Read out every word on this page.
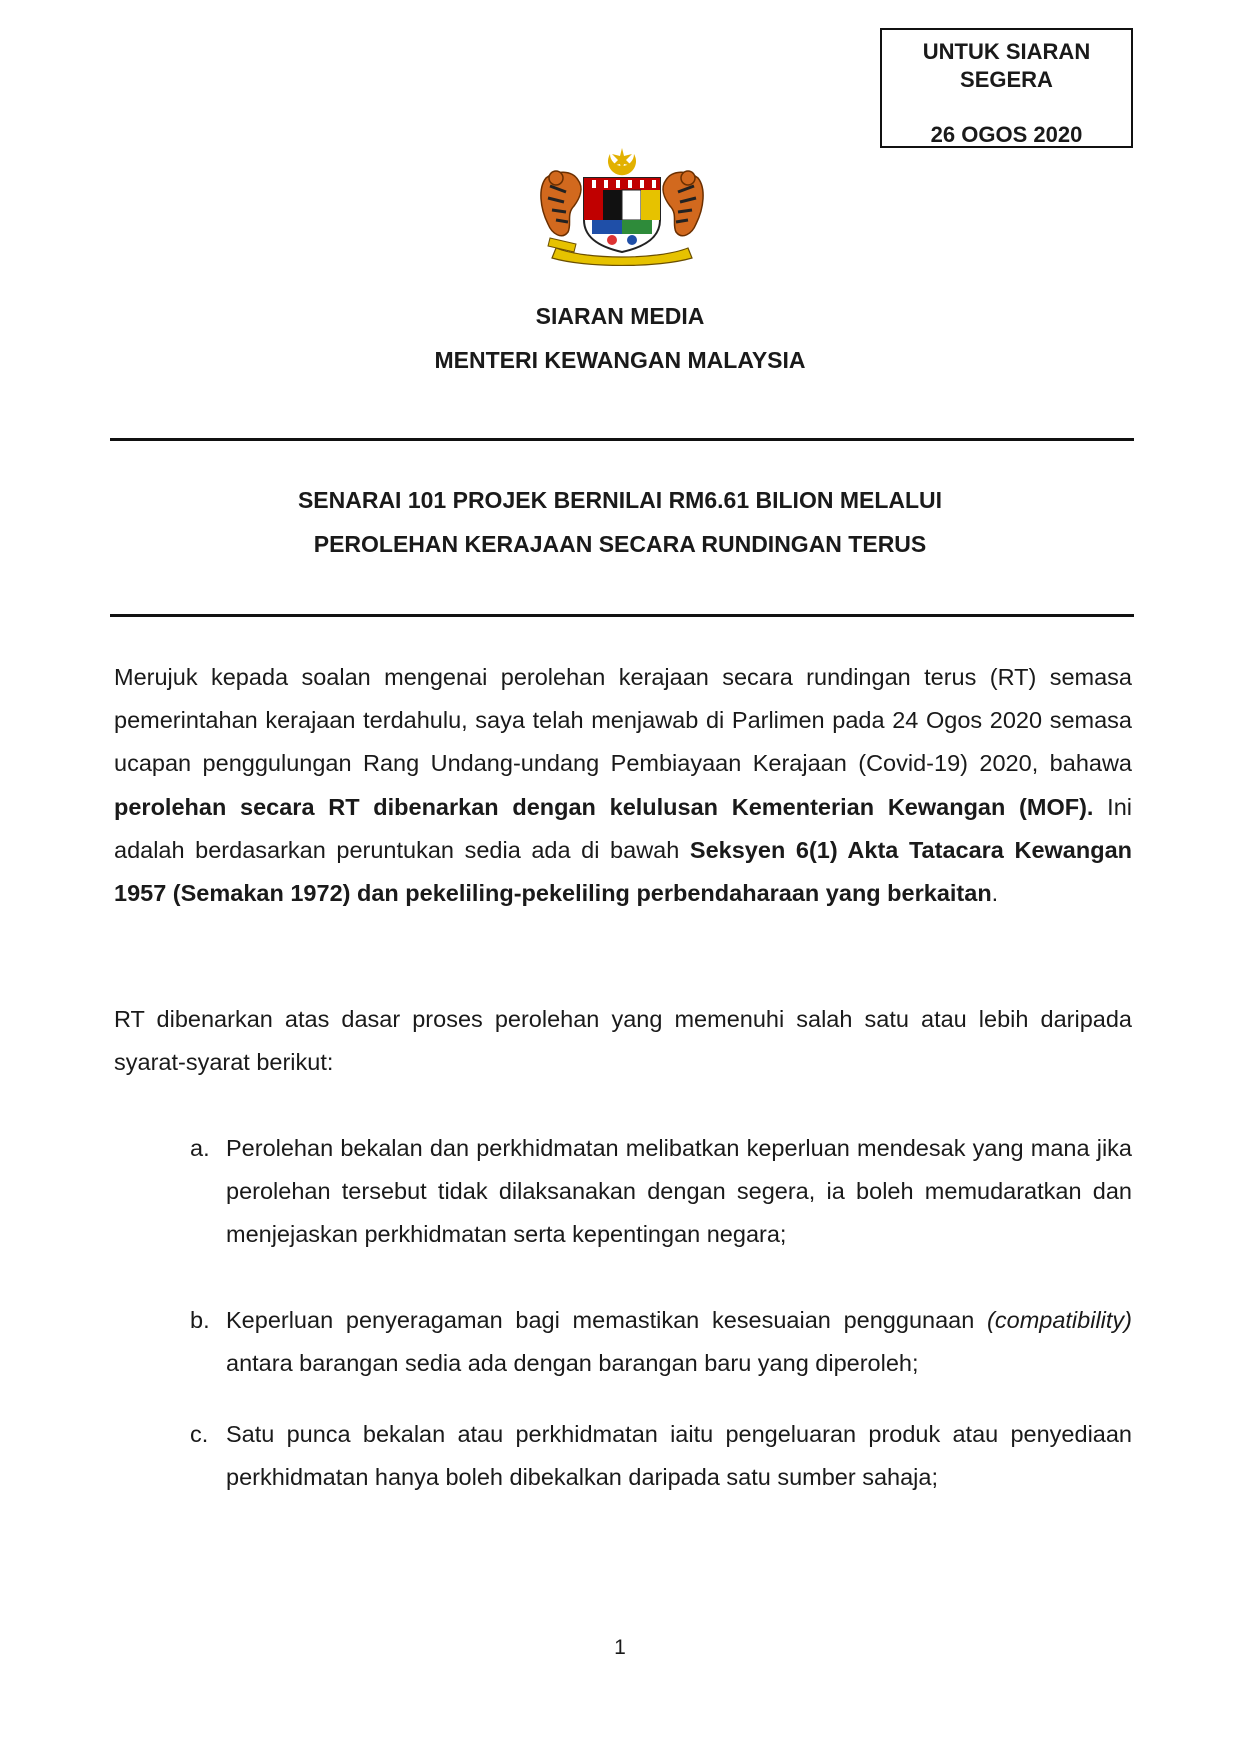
UNTUK SIARAN
SEGERA
26 OGOS 2020
SIARAN MEDIA
MENTERI KEWANGAN MALAYSIA
SENARAI 101 PROJEK BERNILAI RM6.61 BILION MELALUI
PEROLEHAN KERAJAAN SECARA RUNDINGAN TERUS
Merujuk kepada soalan mengenai perolehan kerajaan secara rundingan terus (RT) semasa pemerintahan kerajaan terdahulu, saya telah menjawab di Parlimen pada 24 Ogos 2020 semasa ucapan penggulungan Rang Undang-undang Pembiayaan Kerajaan (Covid-19) 2020, bahawa perolehan secara RT dibenarkan dengan kelulusan Kementerian Kewangan (MOF). Ini adalah berdasarkan peruntukan sedia ada di bawah Seksyen 6(1) Akta Tatacara Kewangan 1957 (Semakan 1972) dan pekeliling-pekeliling perbendaharaan yang berkaitan.
RT dibenarkan atas dasar proses perolehan yang memenuhi salah satu atau lebih daripada syarat-syarat berikut:
a. Perolehan bekalan dan perkhidmatan melibatkan keperluan mendesak yang mana jika perolehan tersebut tidak dilaksanakan dengan segera, ia boleh memudaratkan dan menjejaskan perkhidmatan serta kepentingan negara;
b. Keperluan penyeragaman bagi memastikan kesesuaian penggunaan (compatibility) antara barangan sedia ada dengan barangan baru yang diperoleh;
c. Satu punca bekalan atau perkhidmatan iaitu pengeluaran produk atau penyediaan perkhidmatan hanya boleh dibekalkan daripada satu sumber sahaja;
1
